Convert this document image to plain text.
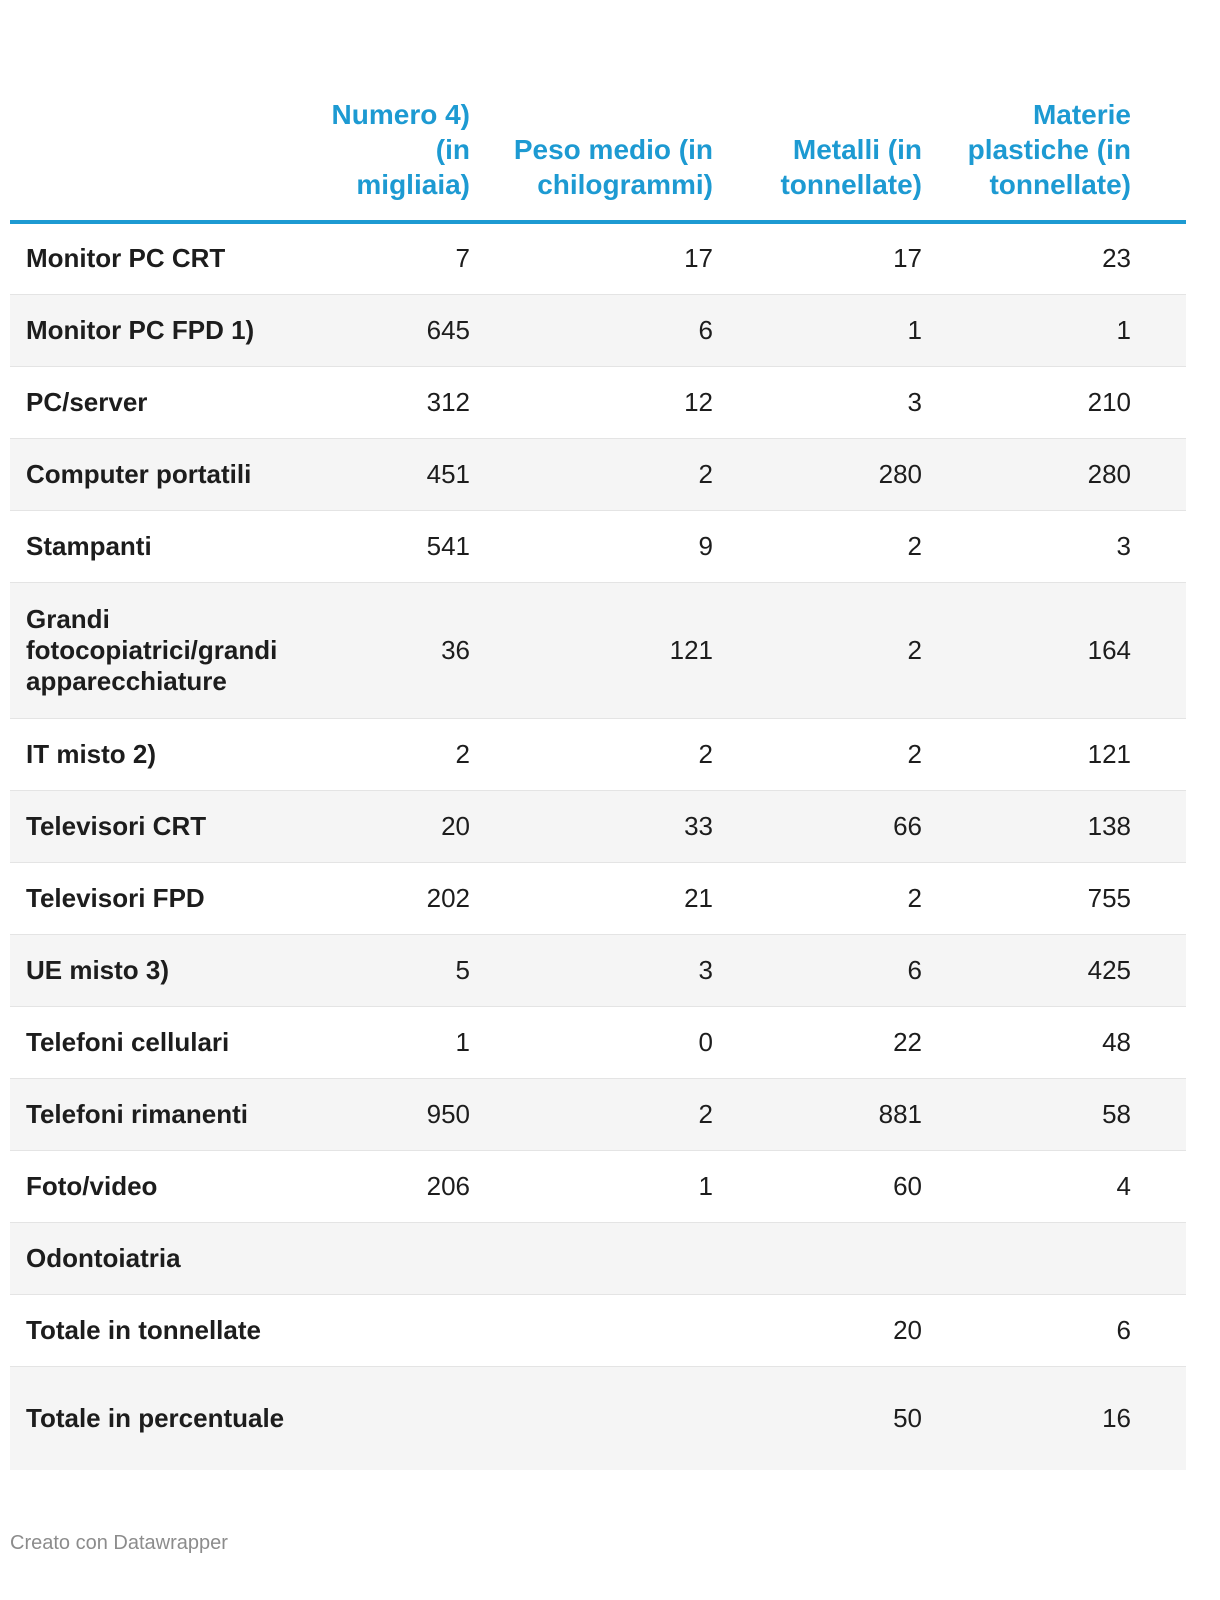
	Numero 4) (in migliaia)	Peso medio (in chilogrammi)	Metalli (in tonnellate)	Materie plastiche (in tonnellate)	
Monitor PC CRT	7	17	17	23	
Monitor PC FPD 1)	645	6	1	1	
PC/server	312	12	3	210	
Computer portatili	451	2	280	280	
Stampanti	541	9	2	3	
Grandi fotocopiatrici/grandi apparecchiature	36	121	2	164	
IT misto 2)	2	2	2	121	
Televisori CRT	20	33	66	138	
Televisori FPD	202	21	2	755	
UE misto 3)	5	3	6	425	
Telefoni cellulari	1	0	22	48	
Telefoni rimanenti	950	2	881	58	
Foto/video	206	1	60	4	
Odontoiatria					
Totale in tonnellate			20	6	
Totale in percentuale			50	16	
Creato con Datawrapper
